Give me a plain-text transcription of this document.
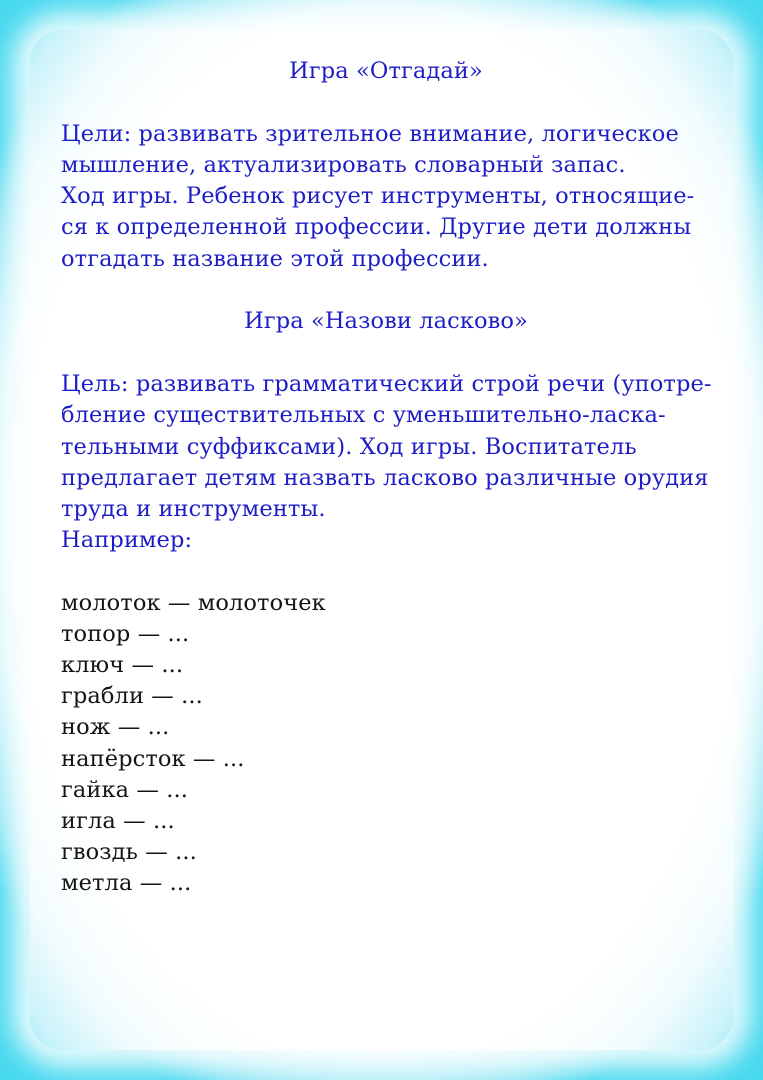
Игра «Отгадай»
Цели: развивать зрительное внимание, логическое
мышление, актуализировать словарный запас.
Ход игры. Ребенок рисует инструменты, относящие-
ся к определенной профессии. Другие дети должны
отгадать название этой профессии.
Игра «Назови ласково»
Цель: развивать грамматический строй речи (употре-
бление существительных с уменьшительно-ласка-
тельными суффиксами). Ход игры. Воспитатель
предлагает детям назвать ласково различные орудия
труда и инструменты.
Например:
молоток — молоточек
топор — ...
ключ — ...
грабли — ...
нож — ...
напёрсток — ...
гайка — ...
игла — ...
гвоздь — ...
метла — ...
